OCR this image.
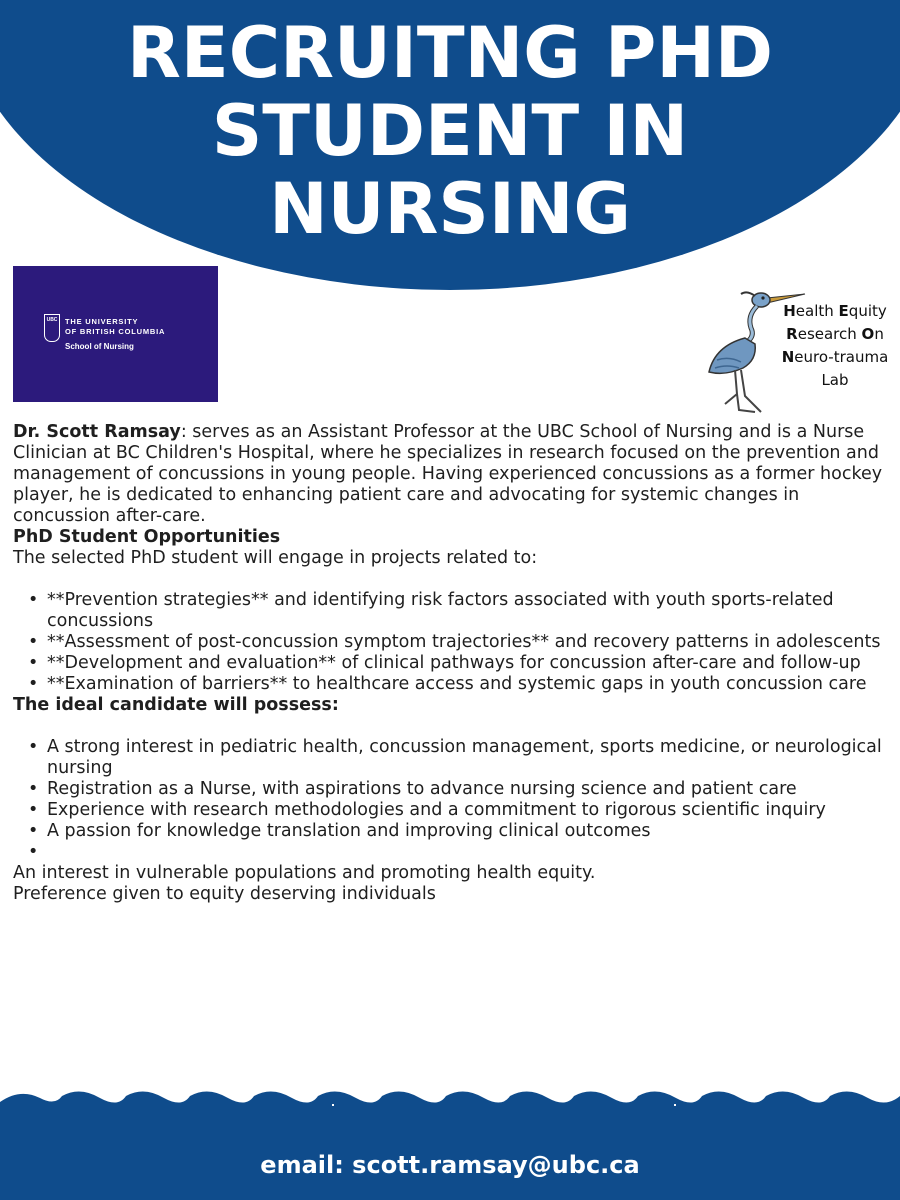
RECRUITNG PHD
STUDENT IN
NURSING
UBC THE UNIVERSITY
OF BRITISH COLUMBIA
School of Nursing
Health Equity
Research On
Neuro-trauma
Lab

Dr. Scott Ramsay: serves as an Assistant Professor at the UBC School of Nursing and is a Nurse Clinician at BC Children's Hospital, where he specializes in research focused on the prevention and management of concussions in young people. Having experienced concussions as a former hockey player, he is dedicated to enhancing patient care and advocating for systemic changes in concussion after-care.

PhD Student Opportunities

The selected PhD student will engage in projects related to:

• **Prevention strategies** and identifying risk factors associated with youth sports-related concussions
• **Assessment of post-concussion symptom trajectories** and recovery patterns in adolescents
• **Development and evaluation** of clinical pathways for concussion after-care and follow-up
• **Examination of barriers** to healthcare access and systemic gaps in youth concussion care

The ideal candidate will possess:

• A strong interest in pediatric health, concussion management, sports medicine, or neurological nursing
• Registration as a Nurse, with aspirations to advance nursing science and patient care
• Experience with research methodologies and a commitment to rigorous scientific inquiry
• A passion for knowledge translation and improving clinical outcomes
•

An interest in vulnerable populations and promoting health equity.

Preference given to equity deserving individuals

email: scott.ramsay@ubc.ca
